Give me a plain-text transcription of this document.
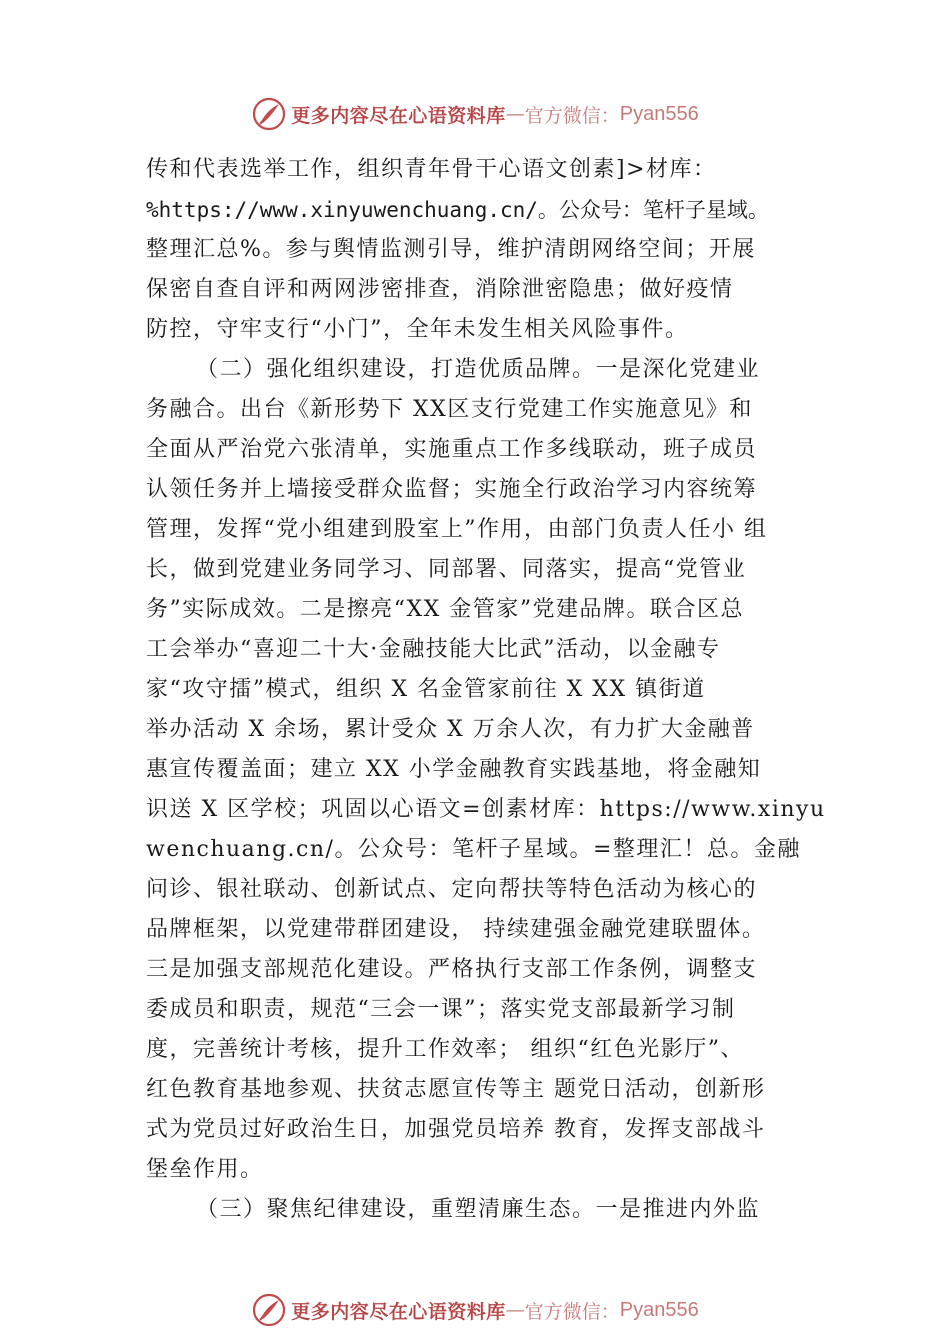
更多内容尽在心语资料库 — 官方微信： Pyan556
传和代表选举工作，组织青年骨干心语文创素]>材库：
%https://www.xinyuwenchuang.cn/。公众号：笔杆子星域。
整理汇总%。参与舆情监测引导，维护清朗网络空间；开展
保密自查自评和两网涉密排查，消除泄密隐患；做好疫情
防控，守牢支行“小门”，全年未发生相关风险事件。
（二）强化组织建设，打造优质品牌。一是深化党建业
务融合。出台《新形势下 XX区支行党建工作实施意见》和
全面从严治党六张清单，实施重点工作多线联动，班子成员
认领任务并上墙接受群众监督；实施全行政治学习内容统筹
管理，发挥“党小组建到股室上”作用，由部门负责人任小 组
长，做到党建业务同学习、同部署、同落实，提高“党管业
务”实际成效。二是擦亮“XX 金管家”党建品牌。联合区总
工会举办“喜迎二十大·金融技能大比武”活动，以金融专
家“攻守擂”模式，组织 X 名金管家前往 X XX 镇街道
举办活动 X 余场，累计受众 X 万余人次，有力扩大金融普
惠宣传覆盖面；建立 XX 小学金融教育实践基地，将金融知
识送 X 区学校；巩固以心语文=创素材库：https://www.xinyu
wenchuang.cn/。公众号：笔杆子星域。=整理汇！总。金融
问诊、银社联动、创新试点、定向帮扶等特色活动为核心的
品牌框架，以党建带群团建设， 持续建强金融党建联盟体。
三是加强支部规范化建设。严格执行支部工作条例，调整支
委成员和职责，规范“三会一课”；落实党支部最新学习制
度，完善统计考核，提升工作效率； 组织“红色光影厅”、
红色教育基地参观、扶贫志愿宣传等主 题党日活动，创新形
式为党员过好政治生日，加强党员培养 教育，发挥支部战斗
堡垒作用。
（三）聚焦纪律建设，重塑清廉生态。一是推进内外监
更多内容尽在心语资料库 — 官方微信： Pyan556
